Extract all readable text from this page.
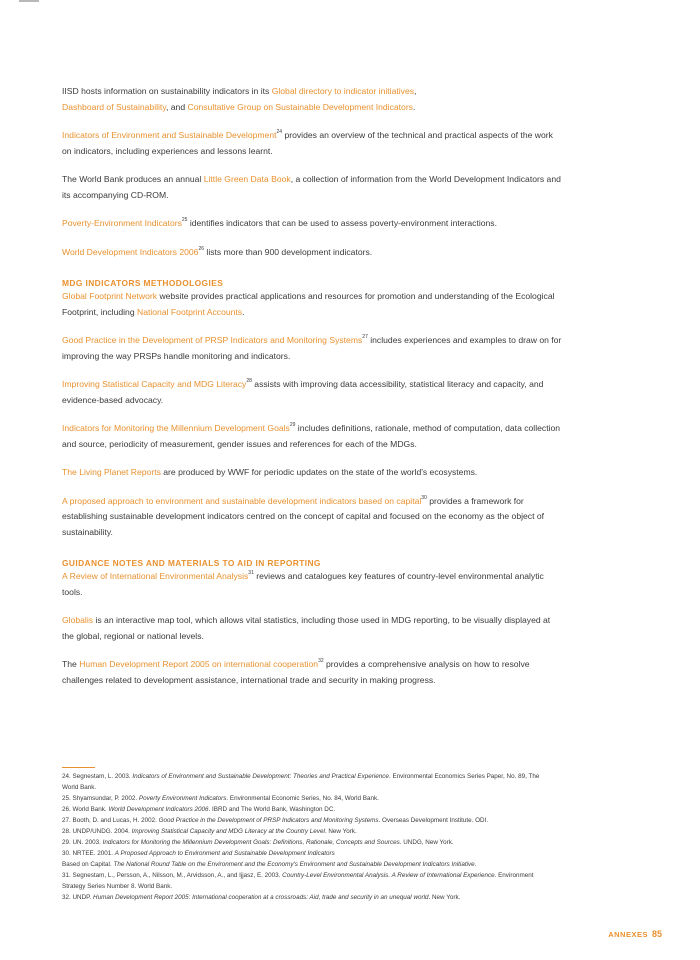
IISD hosts information on sustainability indicators in its Global directory to indicator initiatives,
Dashboard of Sustainability, and Consultative Group on Sustainable Development Indicators.

Indicators of Environment and Sustainable Development$^{24}$ provides an overview of the technical and practical aspects of the work on indicators, including experiences and lessons learnt.

The World Bank produces an annual Little Green Data Book, a collection of information from the World Development Indicators and its accompanying CD-ROM.

Poverty-Environment Indicators$^{25}$ identifies indicators that can be used to assess poverty-environment interactions.

World Development Indicators 2006$^{26}$ lists more than 900 development indicators.

MDG INDICATORS METHODOLOGIES

Global Footprint Network website provides practical applications and resources for promotion and understanding of the Ecological Footprint, including National Footprint Accounts.

Good Practice in the Development of PRSP Indicators and Monitoring Systems$^{27}$ includes experiences and examples to draw on for improving the way PRSPs handle monitoring and indicators.

Improving Statistical Capacity and MDG Literacy$^{28}$ assists with improving data accessibility, statistical literacy and capacity, and evidence-based advocacy.

Indicators for Monitoring the Millennium Development Goals$^{29}$ includes definitions, rationale, method of computation, data collection and source, periodicity of measurement, gender issues and references for each of the MDGs.

The Living Planet Reports are produced by WWF for periodic updates on the state of the world's ecosystems.

A proposed approach to environment and sustainable development indicators based on capital$^{30}$ provides a framework for establishing sustainable development indicators centred on the concept of capital and focused on the economy as the object of sustainability.

GUIDANCE NOTES AND MATERIALS TO AID IN REPORTING

A Review of International Environmental Analysis$^{31}$ reviews and catalogues key features of country-level environmental analytic tools.

Globalis is an interactive map tool, which allows vital statistics, including those used in MDG reporting, to be visually displayed at the global, regional or national levels.

The Human Development Report 2005 on international cooperation$^{32}$ provides a comprehensive analysis on how to resolve challenges related to development assistance, international trade and security in making progress.

24. Segnestam, L. 2003. Indicators of Environment and Sustainable Development: Theories and Practical Experience. Environmental Economics Series Paper, No. 89, The World Bank.

25. Shyamsundar, P. 2002. Poverty Environment Indicators. Environmental Economic Series, No. 84, World Bank.

26. World Bank. World Development Indicators 2006. IBRD and The World Bank, Washington DC.

27. Booth, D. and Lucas, H. 2002. Good Practice in the Development of PRSP Indicators and Monitoring Systems. Overseas Development Institute. ODI.

28. UNDP/UNDG. 2004. Improving Statistical Capacity and MDG Literacy at the Country Level. New York.

29. UN. 2003. Indicators for Monitoring the Millennium Development Goals: Definitions, Rationale, Concepts and Sources. UNDG, New York.

30. NRTEE. 2001. A Proposed Approach to Environment and Sustainable Development Indicators

Based on Capital. The National Round Table on the Environment and the Economy's Environment and Sustainable Development Indicators Initiative.

31. Segnestam, L., Persson, A., Nilsson, M., Arvidsson, A., and Ijjasz, E. 2003. Country-Level Environmental Analysis. A Review of International Experience. Environment Strategy Series Number 8. World Bank.

32. UNDP. Human Development Report 2005: International cooperation at a crossroads: Aid, trade and security in an unequal world. New York.

ANNEXES 85
